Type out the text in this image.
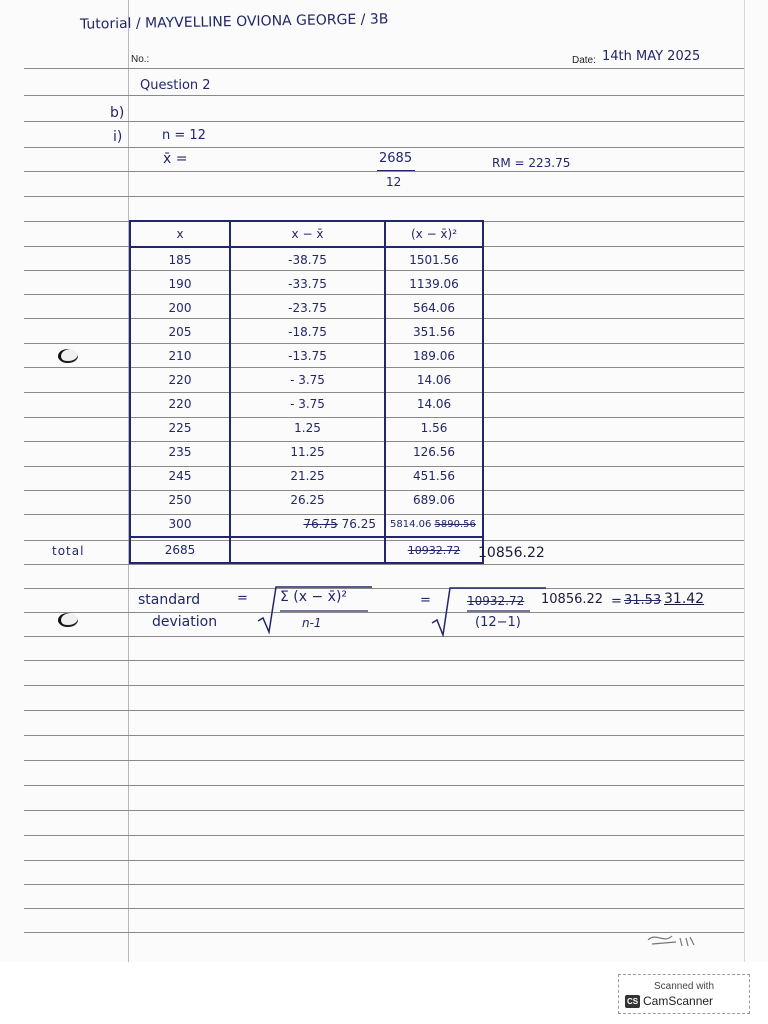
Tutorial / MAYVELLINE OVIONA GEORGE / 3B
No.:	Date: 14th MAY 2025
Question 2
b)
i)	n = 12
x̄ =	2685
12
RM = 223.75
x	x − x̄	(x − x̄)²
185	-38.75	1501.56
190	-33.75	1139.06
200	-23.75	564.06
205	-18.75	351.56
210	-13.75	189.06
220	- 3.75	14.06
220	- 3.75	14.06
225	1.25	1.56
235	11.25	126.56
245	21.25	451.56
250	26.25	689.06
300	76.75 76.25	5814.06 5890.56
2685		10932.72
total	10856.22
standard
deviation
= Σ (x − x̄)²
n-1
=	10932.72 10856.22
(12−1)
= 31.53 31.42
Scanned with
CS CamScanner
